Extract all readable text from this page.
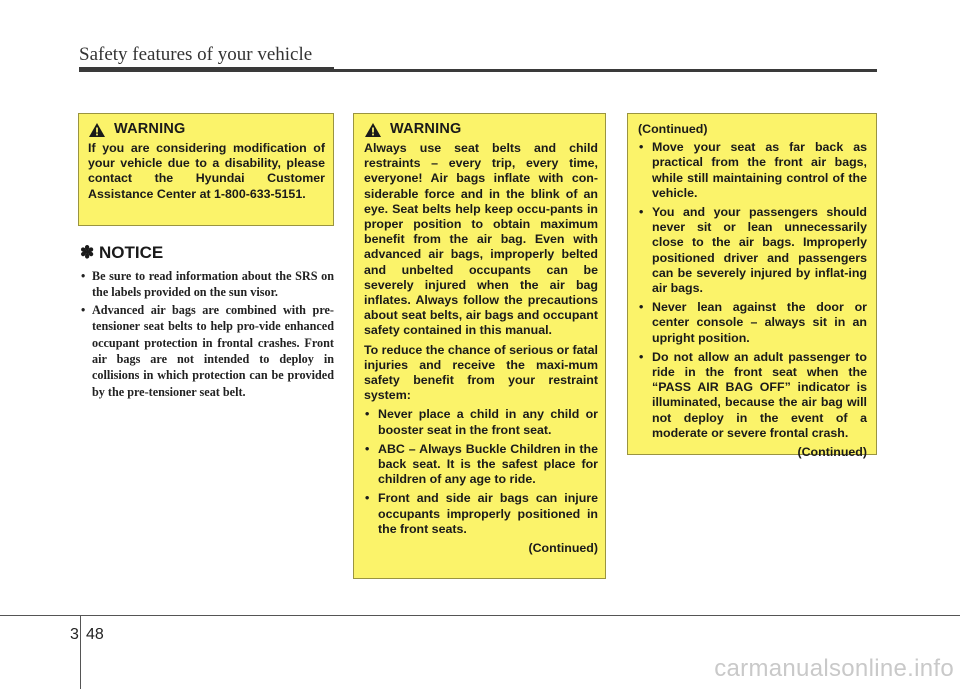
Safety features of your vehicle
WARNING

If you are considering modification of your vehicle due to a disability, please contact the Hyundai Customer Assistance Center at 1-800-633-5151.

✽ NOTICE
• Be sure to read information about the SRS on the labels provided on the sun visor.
• Advanced air bags are combined with pre-tensioner seat belts to help pro-vide enhanced occupant protection in frontal crashes. Front air bags are not intended to deploy in collisions in which protection can be provided by the pre-tensioner seat belt.
WARNING

Always use seat belts and child restraints – every trip, every time, everyone! Air bags inflate with con-siderable force and in the blink of an eye. Seat belts help keep occu-pants in proper position to obtain maximum benefit from the air bag. Even with advanced air bags, improperly belted and unbelted occupants can be severely injured when the air bag inflates. Always follow the precautions about seat belts, air bags and occupant safety contained in this manual.

To reduce the chance of serious or fatal injuries and receive the maxi-mum safety benefit from your restraint system:

• Never place a child in any child or booster seat in the front seat.
• ABC – Always Buckle Children in the back seat. It is the safest place for children of any age to ride.
• Front and side air bags can injure occupants improperly positioned in the front seats.
(Continued)
(Continued)
• Move your seat as far back as practical from the front air bags, while still maintaining control of the vehicle.
• You and your passengers should never sit or lean unnecessarily close to the air bags. Improperly positioned driver and passengers can be severely injured by inflat-ing air bags.
• Never lean against the door or center console – always sit in an upright position.
• Do not allow an adult passenger to ride in the front seat when the “PASS AIR BAG OFF” indicator is illuminated, because the air bag will not deploy in the event of a moderate or severe frontal crash.
(Continued)
3 48
carmanualsonline.info
